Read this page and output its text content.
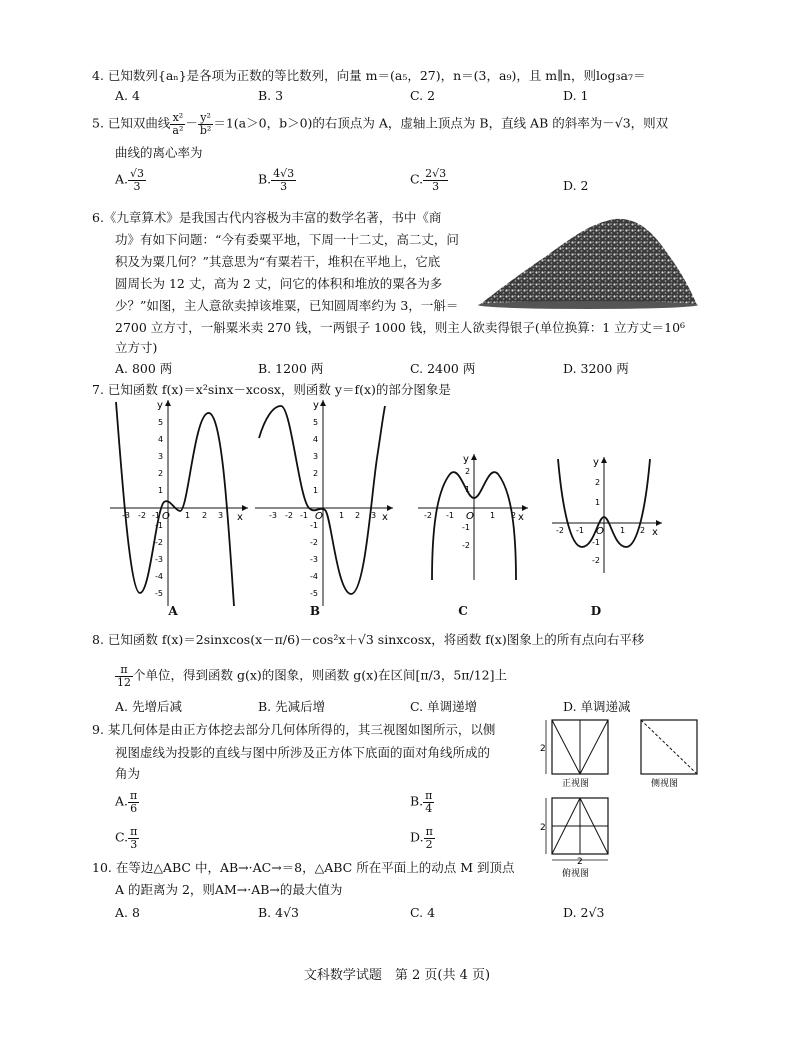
4. 已知数列{aₙ}是各项为正数的等比数列，向量 m＝(a₅，27)，n＝(3，a₉)，且 m∥n，则log₃a₇＝
A. 4	B. 3	C. 2	D. 1
5. 已知双曲线 $\frac{\text{x²}}{\text{a²}} - \frac{\text{y²}}{\text{b²}} =1(a>0$，b＞0)的右顶点为 A，虚轴上顶点为 B，直线 AB 的斜率为－√3，则双
曲线的离心率为
A. $\frac{√3}{3}$	B. $\frac{4√3}{3}$	C. $\frac{2√3}{3}$	D. 2
6.《九章算术》是我国古代内容极为丰富的数学名著，书中《商
功》有如下问题：“今有委粟平地，下周一十二丈，高二丈，问
积及为粟几何？”其意思为“有粟若干，堆积在平地上，它底
圆周长为 12 丈，高为 2 丈，问它的体积和堆放的粟各为多
少？”如图，主人意欲卖掉该堆粟，已知圆周率约为 3，一斛＝
2700 立方寸，一斛粟米卖 270 钱，一两银子 1000 钱，则主人欲卖得银子(单位换算：1 立方丈＝10⁶
立方寸)
A. 800 两	B. 1200 两	C. 2400 两	D. 3200 两
7. 已知函数 f(x)＝x²sinx－xcosx，则函数 y＝f(x)的部分图象是
x
y
-3 -2 -1 O 1 2 3
5
4
3
2
1
-1
-2
-3
-4
-5
A
x
y
-3 -2 -1 O 1 2 3
5
4
3
2
1
-1
-2
-3
-4
-5
B
x
y
-2 -1 O 1 2
2
1
-1
-2
C
x
y
-2 -1 O 1 2
2
1
-1
-2
D
8. 已知函数 f(x)＝2sinxcos(x－π/6)－cos²x＋√3 sinxcosx，将函数 f(x)图象上的所有点向右平移
$\frac{\pi}{12}$ 个单位，得到函数 g(x)的图象，则函数 g(x)在区间[π/3，5π/12]上
A. 先增后减	B. 先减后增	C. 单调递增	D. 单调递减
9. 某几何体是由正方体挖去部分几何体所得的，其三视图如图所示，以侧
视图虚线为投影的直线与图中所涉及正方体下底面的面对角线所成的
角为
A. $\frac{\pi}{6}$	B. $\frac{\pi}{4}$
C. $\frac{\pi}{3}$	D. $\frac{\pi}{2}$
2
正视图	侧视图
2
2
俯视图
10. 在等边△ABC 中，AB→·AC→＝8，△ABC 所在平面上的动点 M 到顶点
A 的距离为 2，则AM→·AB→的最大值为
A. 8	B. 4√3	C. 4	D. 2√3
文科数学试题　第 2 页(共 4 页)
